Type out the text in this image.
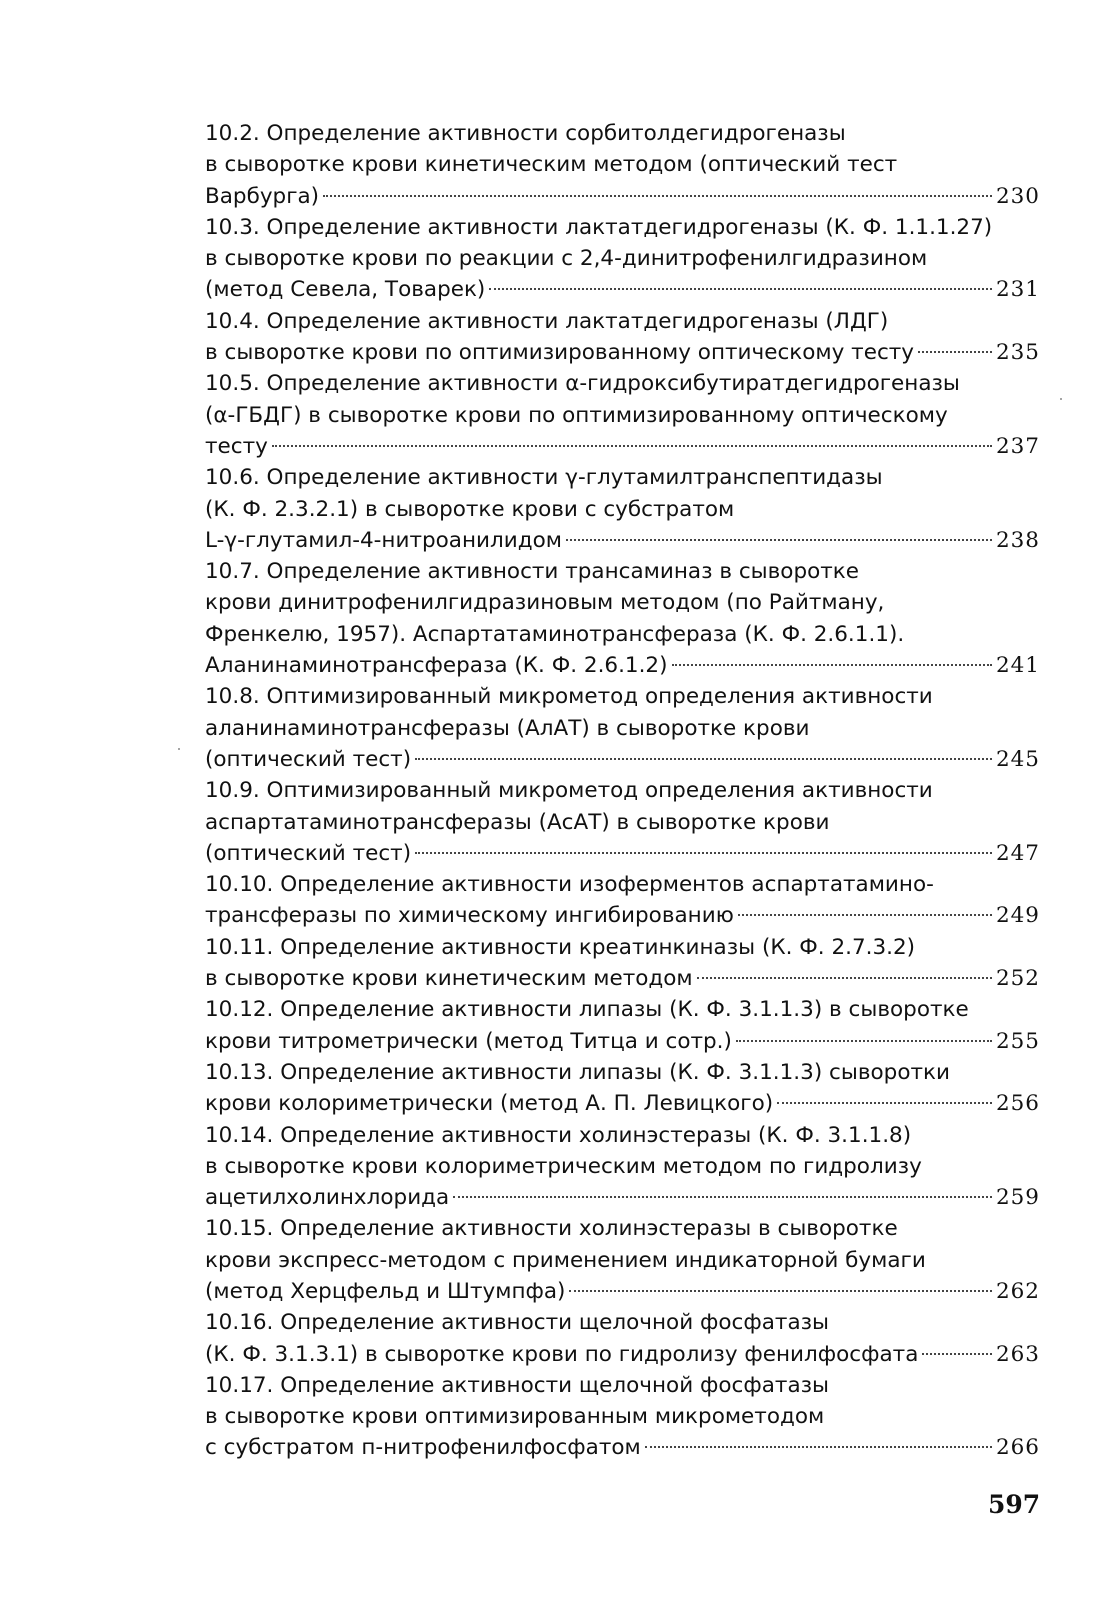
10.2. Определение активности сорбитолдегидрогеназы
в сыворотке крови кинетическим методом (оптический тест
Варбурга)	230
10.3. Определение активности лактатдегидрогеназы (К. Ф. 1.1.1.27)
в сыворотке крови по реакции с 2,4-динитрофенилгидразином
(метод Севела, Товарек)	231
10.4. Определение активности лактатдегидрогеназы (ЛДГ)
в сыворотке крови по оптимизированному оптическому тесту	235
10.5. Определение активности α-гидроксибутиратдегидрогеназы
(α-ГБДГ) в сыворотке крови по оптимизированному оптическому
тесту	237
10.6. Определение активности γ-глутамилтранспептидазы
(К. Ф. 2.3.2.1) в сыворотке крови с субстратом
L-γ-глутамил-4-нитроанилидом	238
10.7. Определение активности трансаминаз в сыворотке
крови динитрофенилгидразиновым методом (по Райтману,
Френкелю, 1957). Аспартатаминотрансфераза (К. Ф. 2.6.1.1).
Аланинаминотрансфераза (К. Ф. 2.6.1.2)	241
10.8. Оптимизированный микрометод определения активности
аланинаминотрансферазы (АлАТ) в сыворотке крови
(оптический тест)	245
10.9. Оптимизированный микрометод определения активности
аспартатаминотрансферазы (АсАТ) в сыворотке крови
(оптический тест)	247
10.10. Определение активности изоферментов аспартатамино-
трансферазы по химическому ингибированию	249
10.11. Определение активности креатинкиназы (К. Ф. 2.7.3.2)
в сыворотке крови кинетическим методом	252
10.12. Определение активности липазы (К. Ф. 3.1.1.3) в сыворотке
крови титрометрически (метод Титца и сотр.)	255
10.13. Определение активности липазы (К. Ф. 3.1.1.3) сыворотки
крови колориметрически (метод А. П. Левицкого)	256
10.14. Определение активности холинэстеразы (К. Ф. 3.1.1.8)
в сыворотке крови колориметрическим методом по гидролизу
ацетилхолинхлорида	259
10.15. Определение активности холинэстеразы в сыворотке
крови экспресс-методом с применением индикаторной бумаги
(метод Херцфельд и Штумпфа)	262
10.16. Определение активности щелочной фосфатазы
(К. Ф. 3.1.3.1) в сыворотке крови по гидролизу фенилфосфата	263
10.17. Определение активности щелочной фосфатазы
в сыворотке крови оптимизированным микрометодом
с субстратом п-нитрофенилфосфатом	266
597
